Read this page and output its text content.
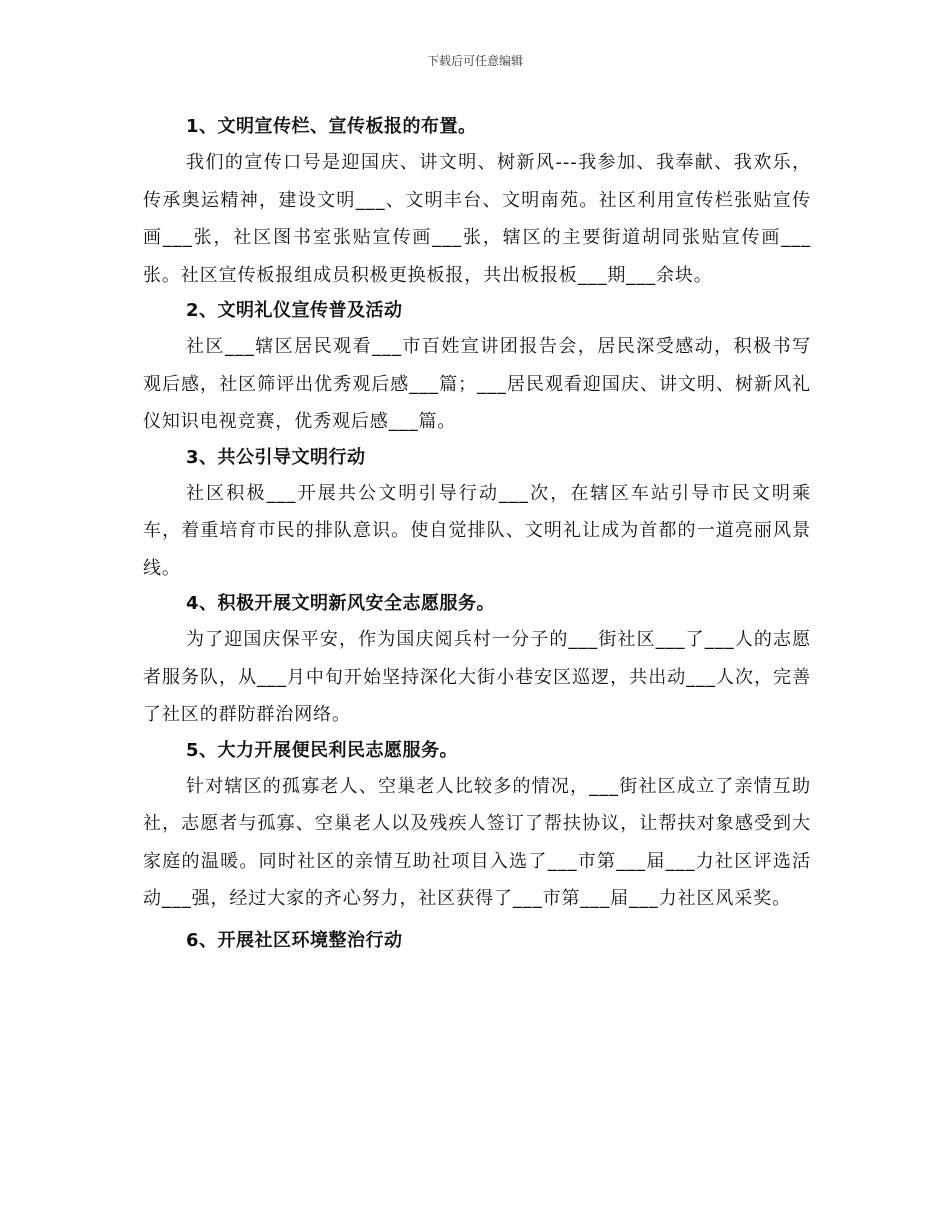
下载后可任意编辑
1、文明宣传栏、宣传板报的布置。

我们的宣传口号是迎国庆、讲文明、树新风---我参加、我奉献、我欢乐，传承奥运精神，建设文明___、文明丰台、文明南苑。社区利用宣传栏张贴宣传画___张，社区图书室张贴宣传画___张，辖区的主要街道胡同张贴宣传画___张。社区宣传板报组成员积极更换板报，共出板报板___期___余块。

2、文明礼仪宣传普及活动

社区___辖区居民观看___市百姓宣讲团报告会，居民深受感动，积极书写观后感，社区筛评出优秀观后感___篇；___居民观看迎国庆、讲文明、树新风礼仪知识电视竞赛，优秀观后感___篇。

3、共公引导文明行动

社区积极___开展共公文明引导行动___次，在辖区车站引导市民文明乘车，着重培育市民的排队意识。使自觉排队、文明礼让成为首都的一道亮丽风景线。

4、积极开展文明新风安全志愿服务。

为了迎国庆保平安，作为国庆阅兵村一分子的___街社区___了___人的志愿者服务队，从___月中旬开始坚持深化大街小巷安区巡逻，共出动___人次，完善了社区的群防群治网络。

5、大力开展便民利民志愿服务。

针对辖区的孤寡老人、空巢老人比较多的情况，___街社区成立了亲情互助社，志愿者与孤寡、空巢老人以及残疾人签订了帮扶协议，让帮扶对象感受到大家庭的温暖。同时社区的亲情互助社项目入选了___市第___届___力社区评选活动___强，经过大家的齐心努力，社区获得了___市第___届___力社区风采奖。

6、开展社区环境整治行动
